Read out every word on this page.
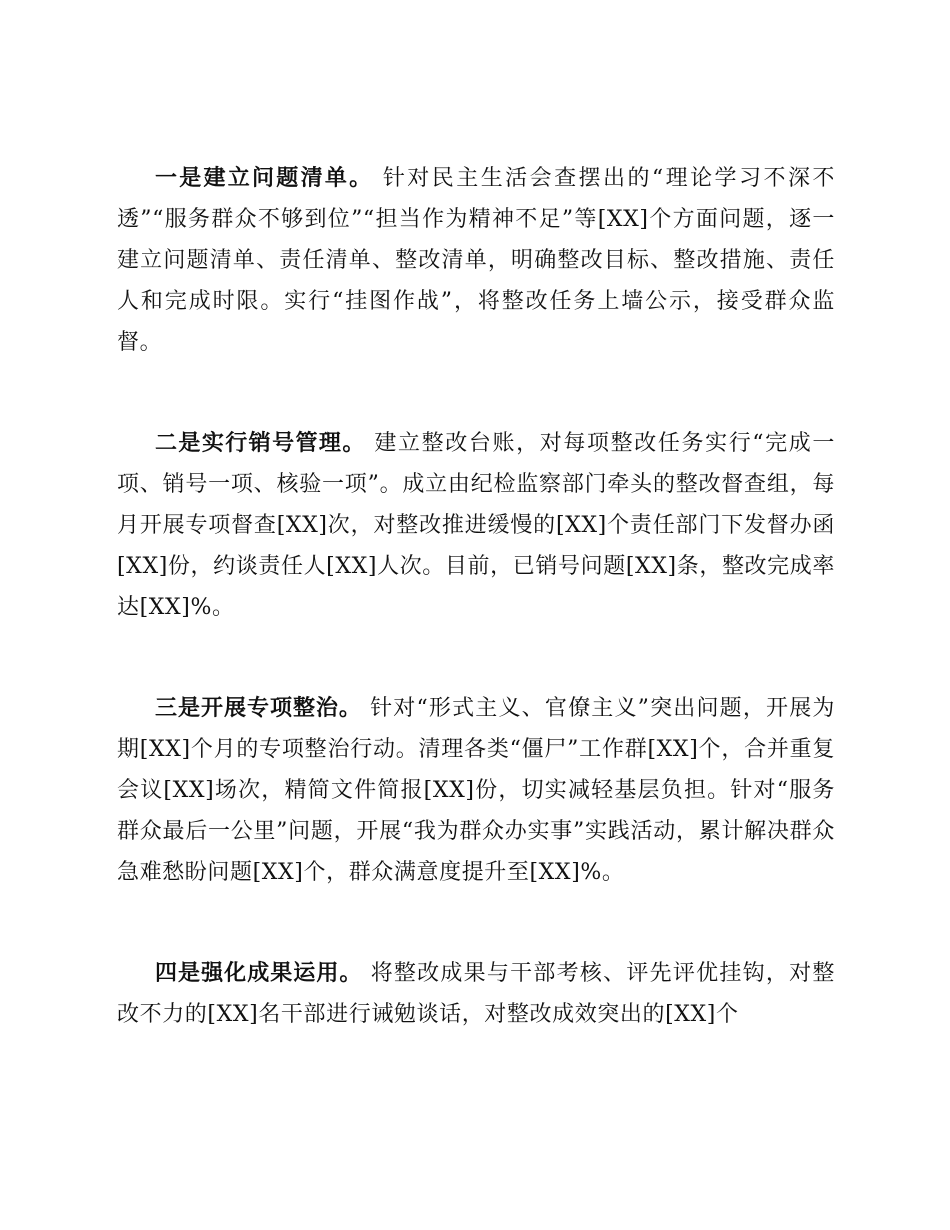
一是建立问题清单。 针对民主生活会查摆出的“理论学习不深不透”“服务群众不够到位”“担当作为精神不足”等[XX]个方面问题，逐一建立问题清单、责任清单、整改清单，明确整改目标、整改措施、责任人和完成时限。实行“挂图作战”，将整改任务上墙公示，接受群众监督。

二是实行销号管理。 建立整改台账，对每项整改任务实行“完成一项、销号一项、核验一项”。成立由纪检监察部门牵头的整改督查组，每月开展专项督查[XX]次，对整改推进缓慢的[XX]个责任部门下发督办函[XX]份，约谈责任人[XX]人次。目前，已销号问题[XX]条，整改完成率达[XX]%。

三是开展专项整治。 针对“形式主义、官僚主义”突出问题，开展为期[XX]个月的专项整治行动。清理各类“僵尸”工作群[XX]个，合并重复会议[XX]场次，精简文件简报[XX]份，切实减轻基层负担。针对“服务群众最后一公里”问题，开展“我为群众办实事”实践活动，累计解决群众急难愁盼问题[XX]个，群众满意度提升至[XX]%。

四是强化成果运用。 将整改成果与干部考核、评先评优挂钩，对整改不力的[XX]名干部进行诫勉谈话，对整改成效突出的[XX]个
